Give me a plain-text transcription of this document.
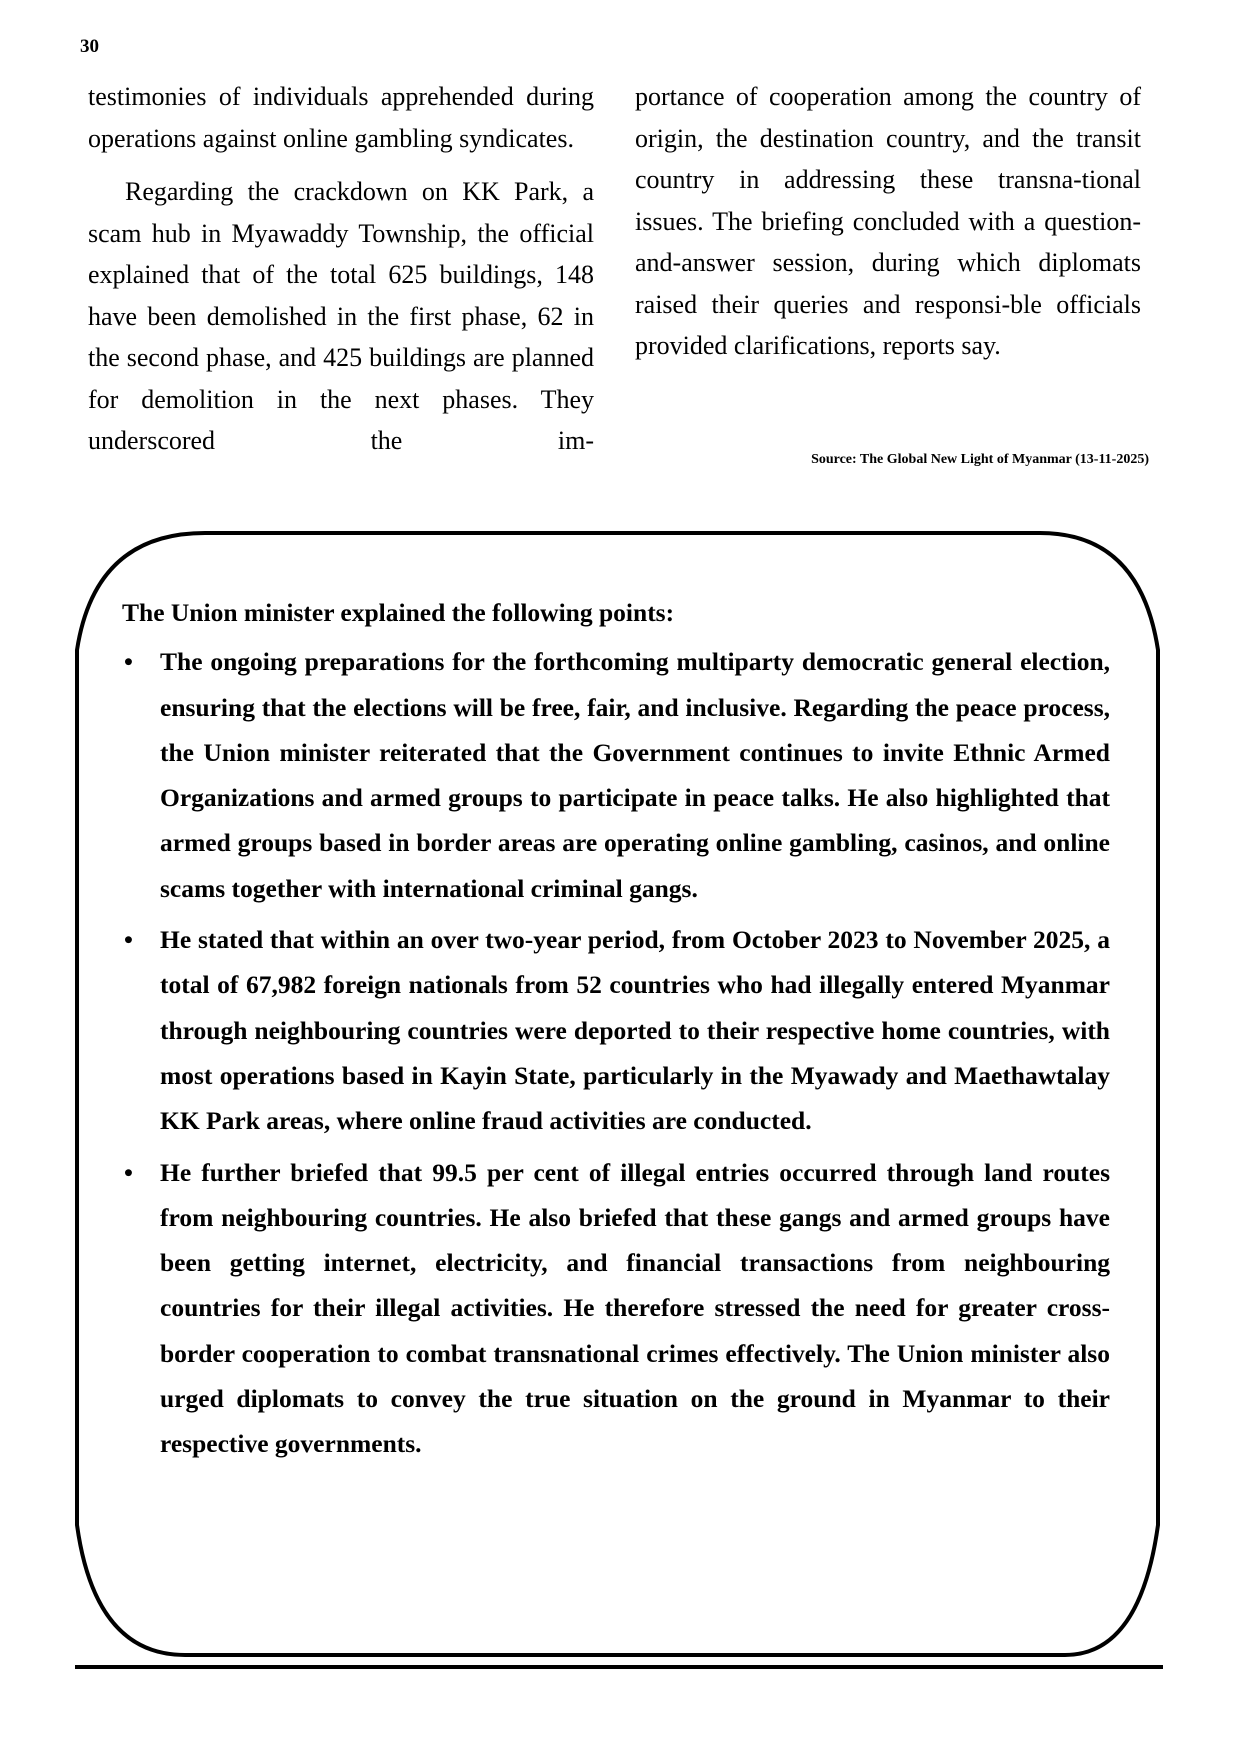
30

testimonies of individuals apprehended during operations against online gambling syndicates.

Regarding the crackdown on KK Park, a scam hub in Myawaddy Township, the official explained that of the total 625 buildings, 148 have been demolished in the first phase, 62 in the second phase, and 425 buildings are planned for demolition in the next phases. They underscored the im-

portance of cooperation among the country of origin, the destination country, and the transit country in addressing these transna-tional issues. The briefing concluded with a question-and-answer session, during which diplomats raised their queries and responsi-ble officials provided clarifications, reports say.

Source: The Global New Light of Myanmar (13-11-2025)
The Union minister explained the following points:
• The ongoing preparations for the forthcoming multiparty democratic general election, ensuring that the elections will be free, fair, and inclusive. Regarding the peace process, the Union minister reiterated that the Government continues to invite Ethnic Armed Organizations and armed groups to participate in peace talks. He also highlighted that armed groups based in border areas are operating online gambling, casinos, and online scams together with international criminal gangs.
• He stated that within an over two-year period, from October 2023 to November 2025, a total of 67,982 foreign nationals from 52 countries who had illegally entered Myanmar through neighbouring countries were deported to their respective home countries, with most operations based in Kayin State, particularly in the Myawady and Maethawtalay KK Park areas, where online fraud activities are conducted.
• He further briefed that 99.5 per cent of illegal entries occurred through land routes from neighbouring countries. He also briefed that these gangs and armed groups have been getting internet, electricity, and financial transactions from neighbouring countries for their illegal activities. He therefore stressed the need for greater cross-border cooperation to combat transnational crimes effectively. The Union minister also urged diplomats to convey the true situation on the ground in Myanmar to their respective governments.
